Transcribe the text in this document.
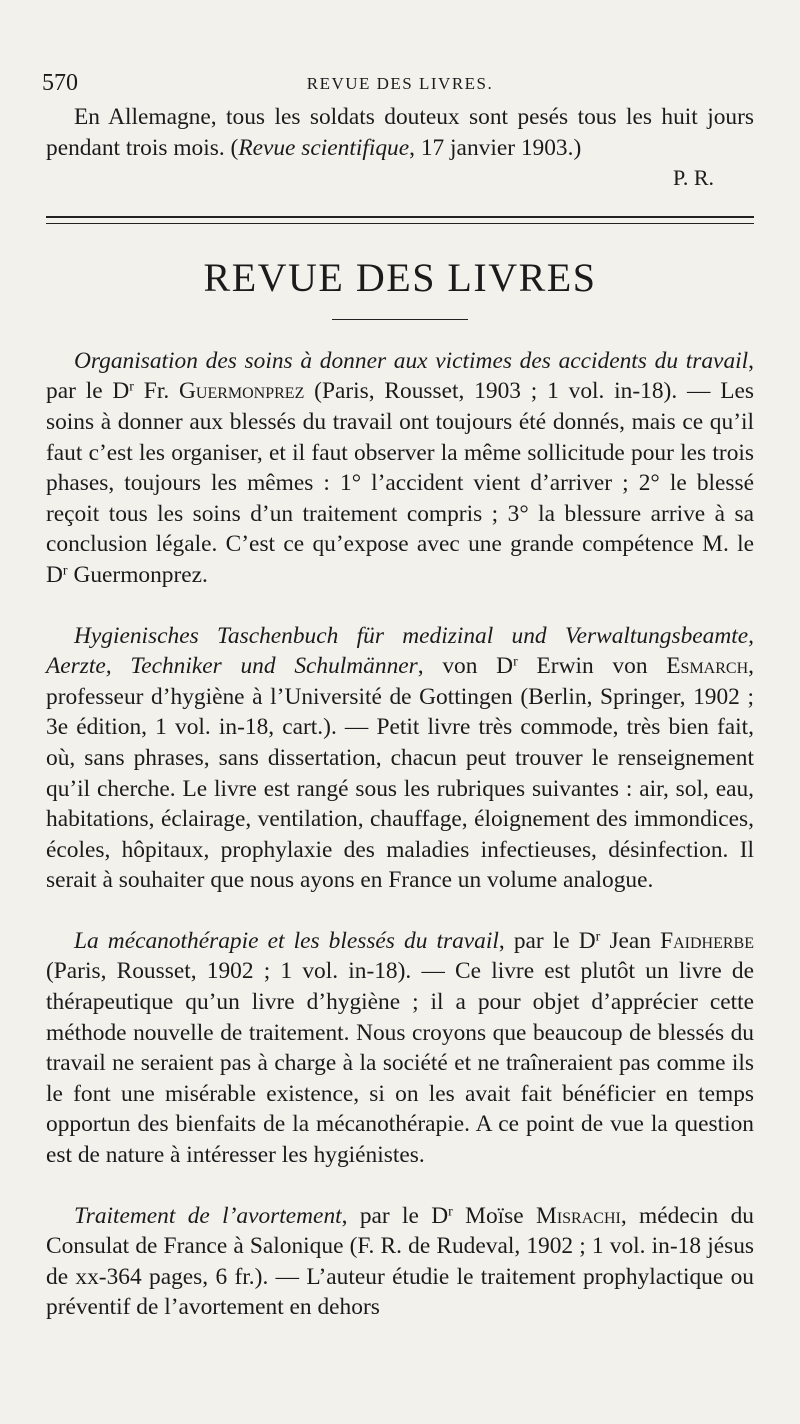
570	REVUE DES LIVRES.

En Allemagne, tous les soldats douteux sont pesés tous les huit jours pendant trois mois. (Revue scientifique, 17 janvier 1903.)

P. R.

REVUE DES LIVRES

Organisation des soins à donner aux victimes des accidents du travail, par le $D^r$ Fr. Guermonprez (Paris, Rousset, 1903 ; 1 vol. in-18). — Les soins à donner aux blessés du travail ont toujours été donnés, mais ce qu’il faut c’est les organiser, et il faut observer la même sollicitude pour les trois phases, toujours les mêmes : 1° l’accident vient d’arriver ; 2° le blessé reçoit tous les soins d’un traitement compris ; 3° la blessure arrive à sa conclusion légale. C’est ce qu’expose avec une grande compétence M. le $D^r$ Guermonprez.

Hygienisches Taschenbuch für medizinal und Verwaltungsbeamte, Aerzte, Techniker und Schulmänner, von $D^r$ Erwin von Esmarch, professeur d’hygiène à l’Université de Gottingen (Berlin, Springer, 1902 ; 3e édition, 1 vol. in-18, cart.). — Petit livre très commode, très bien fait, où, sans phrases, sans dissertation, chacun peut trouver le renseignement qu’il cherche. Le livre est rangé sous les rubriques suivantes : air, sol, eau, habitations, éclairage, ventilation, chauffage, éloignement des immondices, écoles, hôpitaux, prophylaxie des maladies infectieuses, désinfection. Il serait à souhaiter que nous ayons en France un volume analogue.

La mécanothérapie et les blessés du travail, par le $D^r$ Jean Faidherbe (Paris, Rousset, 1902 ; 1 vol. in-18). — Ce livre est plutôt un livre de thérapeutique qu’un livre d’hygiène ; il a pour objet d’apprécier cette méthode nouvelle de traitement. Nous croyons que beaucoup de blessés du travail ne seraient pas à charge à la société et ne traîneraient pas comme ils le font une misérable existence, si on les avait fait bénéficier en temps opportun des bienfaits de la mécanothérapie. A ce point de vue la question est de nature à intéresser les hygiénistes.

Traitement de l’avortement, par le $D^r$ Moïse Misrachi, médecin du Consulat de France à Salonique (F. R. de Rudeval, 1902 ; 1 vol. in-18 jésus de xx-364 pages, 6 fr.). — L’auteur étudie le traitement prophylactique ou préventif de l’avortement en dehors
